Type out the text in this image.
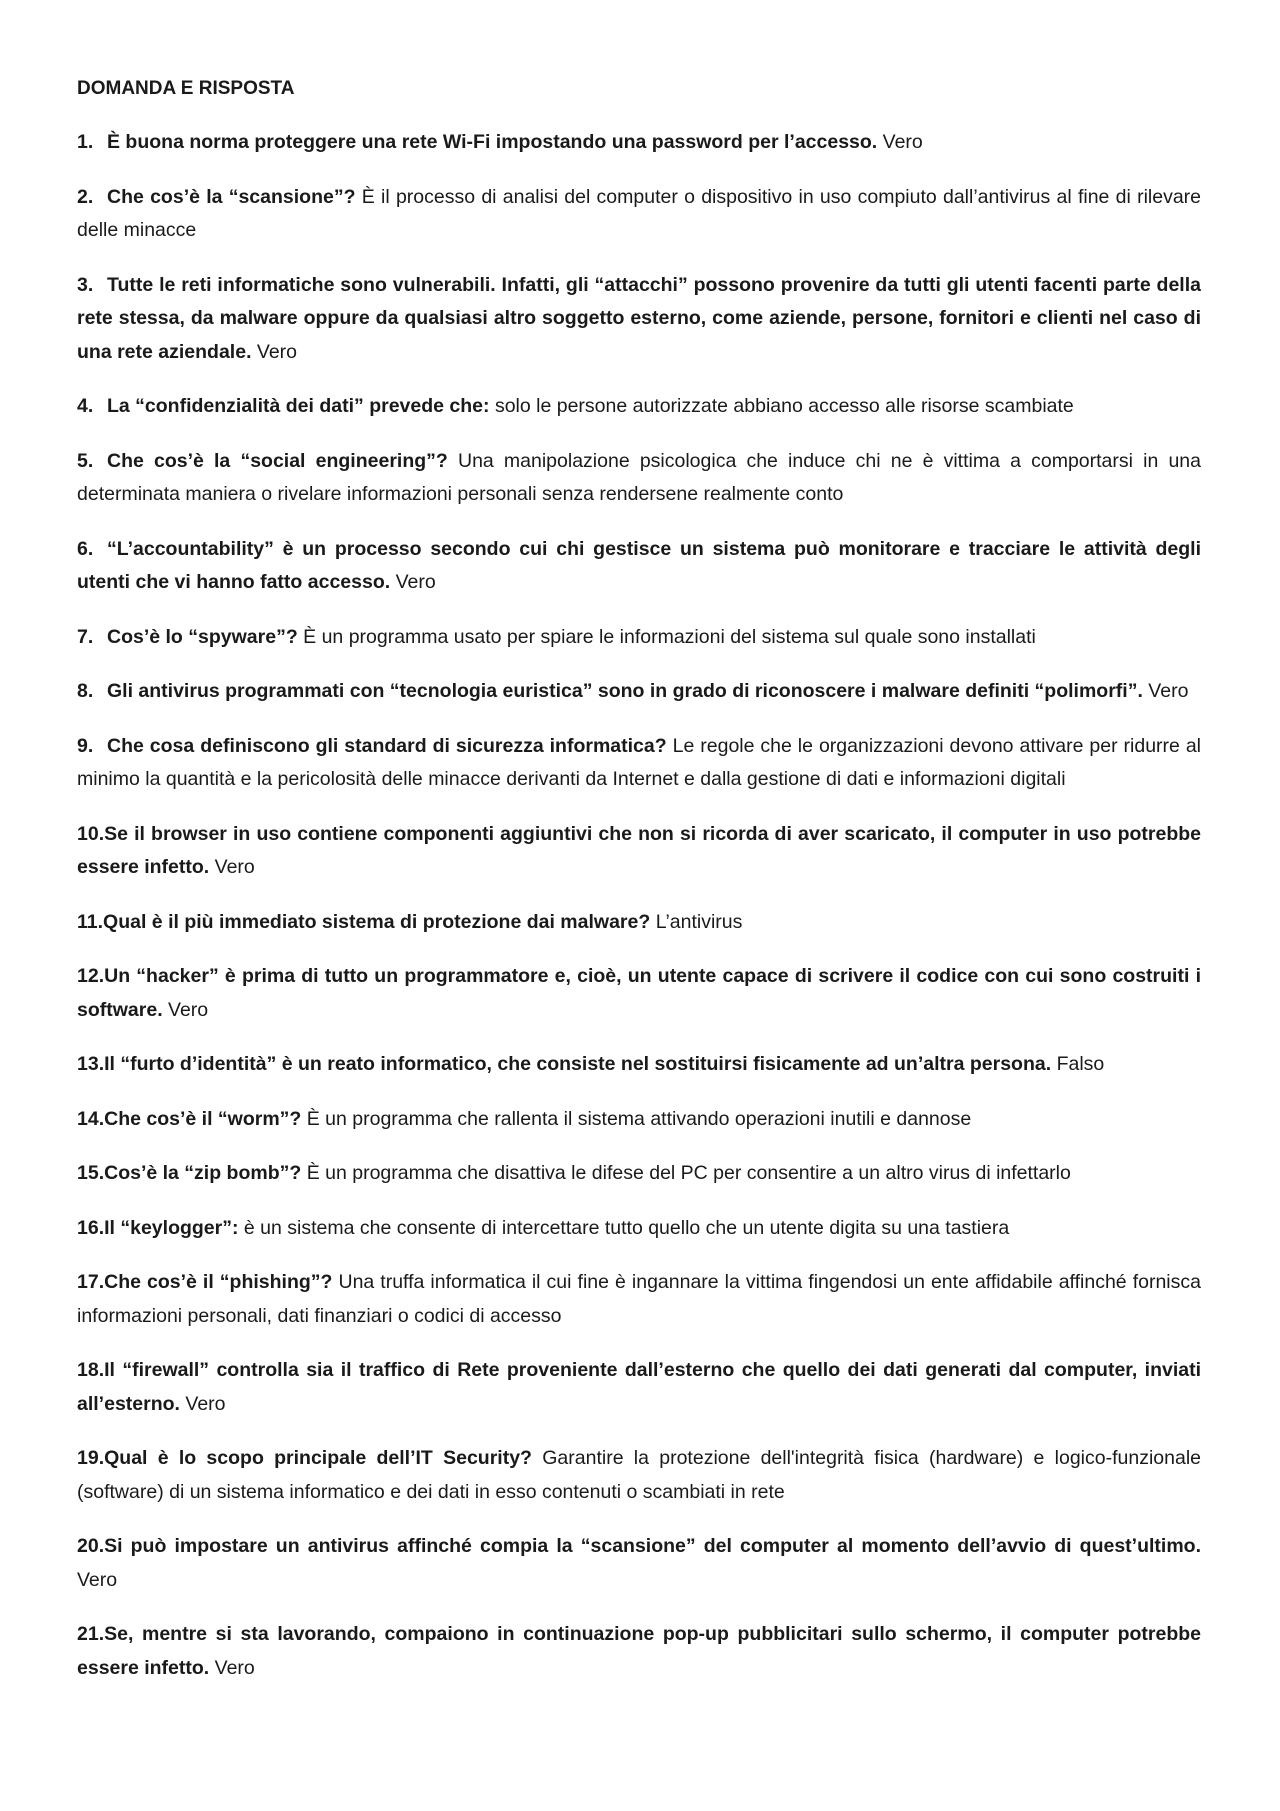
DOMANDA E RISPOSTA
1. È buona norma proteggere una rete Wi-Fi impostando una password per l’accesso. Vero
2. Che cos’è la “scansione”? È il processo di analisi del computer o dispositivo in uso compiuto dall’antivirus al fine di rilevare delle minacce
3. Tutte le reti informatiche sono vulnerabili. Infatti, gli “attacchi” possono provenire da tutti gli utenti facenti parte della rete stessa, da malware oppure da qualsiasi altro soggetto esterno, come aziende, persone, fornitori e clienti nel caso di una rete aziendale. Vero
4. La “confidenzialità dei dati” prevede che: solo le persone autorizzate abbiano accesso alle risorse scambiate
5. Che cos’è la “social engineering”? Una manipolazione psicologica che induce chi ne è vittima a comportarsi in una determinata maniera o rivelare informazioni personali senza rendersene realmente conto
6. “L’accountability” è un processo secondo cui chi gestisce un sistema può monitorare e tracciare le attività degli utenti che vi hanno fatto accesso. Vero
7. Cos’è lo “spyware”? È un programma usato per spiare le informazioni del sistema sul quale sono installati
8. Gli antivirus programmati con “tecnologia euristica” sono in grado di riconoscere i malware definiti “polimorfi”. Vero
9. Che cosa definiscono gli standard di sicurezza informatica? Le regole che le organizzazioni devono attivare per ridurre al minimo la quantità e la pericolosità delle minacce derivanti da Internet e dalla gestione di dati e informazioni digitali
10.Se il browser in uso contiene componenti aggiuntivi che non si ricorda di aver scaricato, il computer in uso potrebbe essere infetto. Vero
11.Qual è il più immediato sistema di protezione dai malware? L’antivirus
12.Un “hacker” è prima di tutto un programmatore e, cioè, un utente capace di scrivere il codice con cui sono costruiti i software. Vero
13.Il “furto d’identità” è un reato informatico, che consiste nel sostituirsi fisicamente ad un’altra persona. Falso
14.Che cos’è il “worm”? È un programma che rallenta il sistema attivando operazioni inutili e dannose
15.Cos’è la “zip bomb”? È un programma che disattiva le difese del PC per consentire a un altro virus di infettarlo
16.Il “keylogger”: è un sistema che consente di intercettare tutto quello che un utente digita su una tastiera
17.Che cos’è il “phishing”? Una truffa informatica il cui fine è ingannare la vittima fingendosi un ente affidabile affinché fornisca informazioni personali, dati finanziari o codici di accesso
18.Il “firewall” controlla sia il traffico di Rete proveniente dall’esterno che quello dei dati generati dal computer, inviati all’esterno. Vero
19.Qual è lo scopo principale dell’IT Security? Garantire la protezione dell'integrità fisica (hardware) e logico-funzionale (software) di un sistema informatico e dei dati in esso contenuti o scambiati in rete
20.Si può impostare un antivirus affinché compia la “scansione” del computer al momento dell’avvio di quest’ultimo. Vero
21.Se, mentre si sta lavorando, compaiono in continuazione pop-up pubblicitari sullo schermo, il computer potrebbe essere infetto. Vero
